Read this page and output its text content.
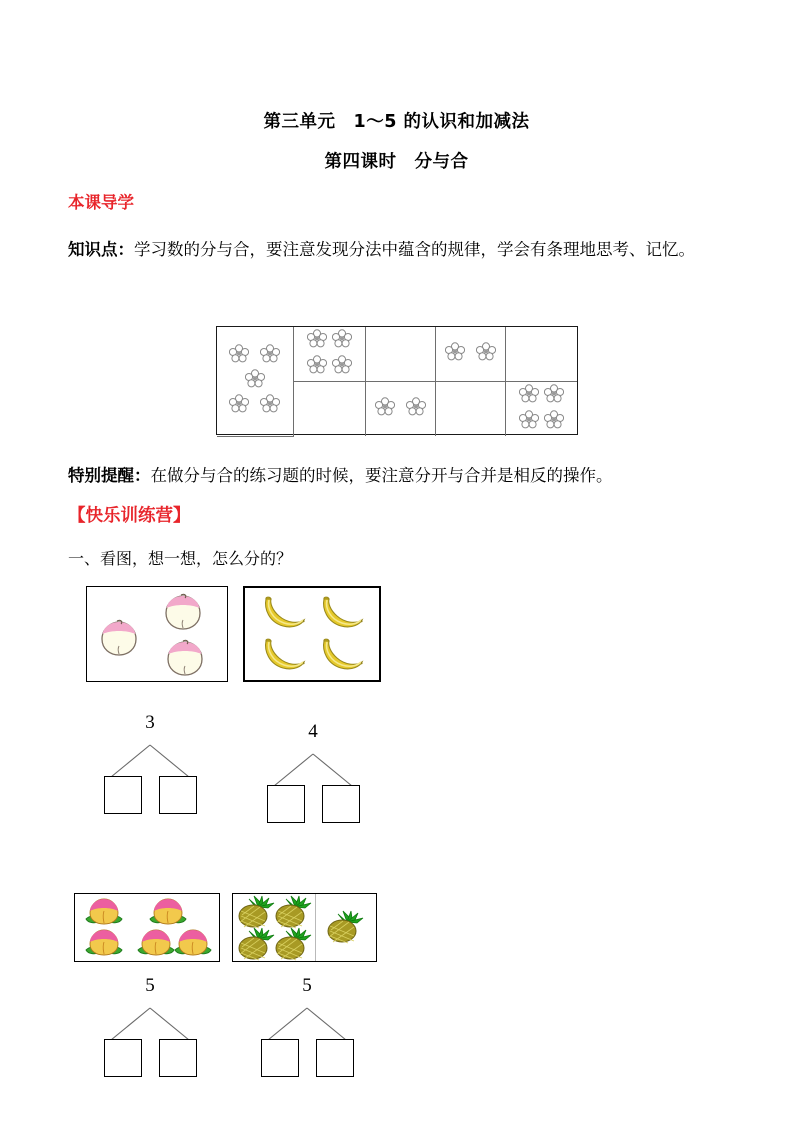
第三单元　1～5 的认识和加减法
第四课时　分与合
本课导学
知识点：学习数的分与合，要注意发现分法中蕴含的规律，学会有条理地思考、记忆。

特别提醒：在做分与合的练习题的时候，要注意分开与合并是相反的操作。
【快乐训练营】
一、看图，想一想，怎么分的？
3	4
5	5
